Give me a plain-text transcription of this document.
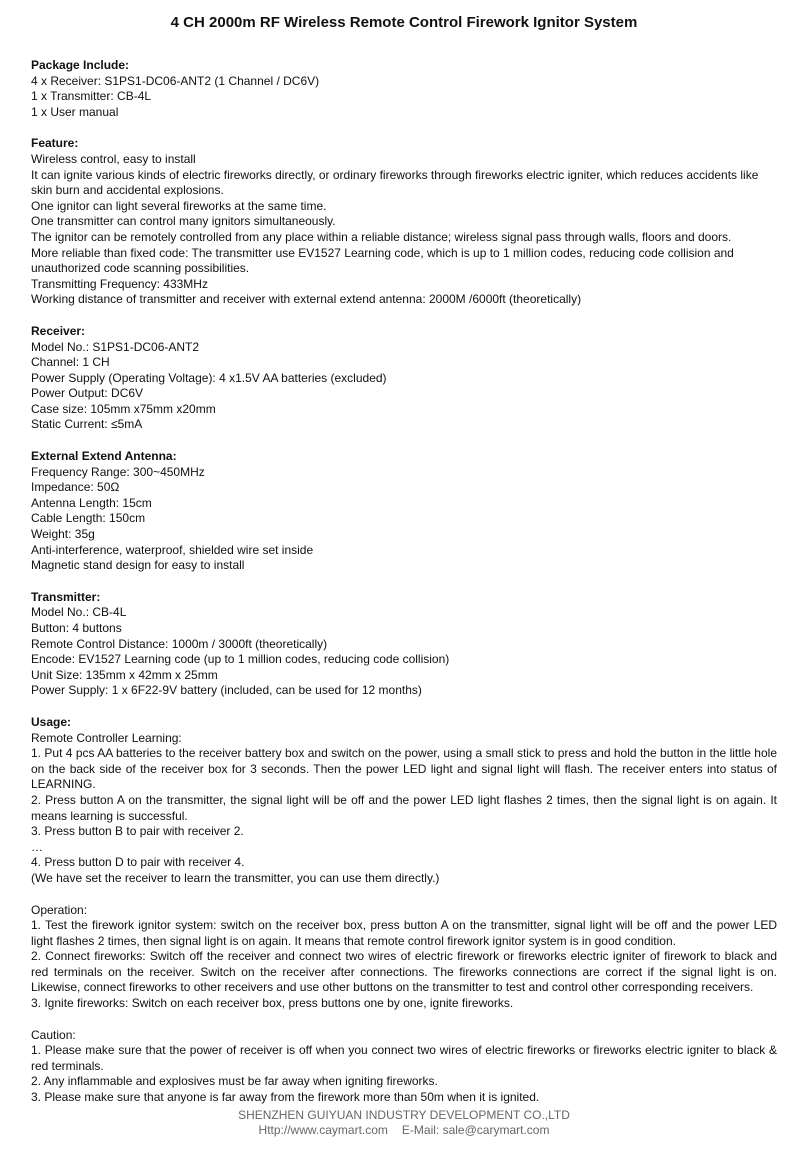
4 CH 2000m RF Wireless Remote Control Firework Ignitor System

Package Include:

4 x Receiver: S1PS1-DC06-ANT2 (1 Channel / DC6V)

1 x Transmitter: CB-4L

1 x User manual

Feature:

Wireless control, easy to install

It can ignite various kinds of electric fireworks directly, or ordinary fireworks through fireworks electric igniter, which reduces accidents like skin burn and accidental explosions.

One ignitor can light several fireworks at the same time.

One transmitter can control many ignitors simultaneously.

The ignitor can be remotely controlled from any place within a reliable distance; wireless signal pass through walls, floors and doors.

More reliable than fixed code: The transmitter use EV1527 Learning code, which is up to 1 million codes, reducing code collision and unauthorized code scanning possibilities.

Transmitting Frequency: 433MHz

Working distance of transmitter and receiver with external extend antenna: 2000M /6000ft (theoretically)

Receiver:

Model No.: S1PS1-DC06-ANT2

Channel: 1 CH

Power Supply (Operating Voltage): 4 x1.5V AA batteries (excluded)

Power Output: DC6V

Case size: 105mm x75mm x20mm

Static Current: ≤5mA

External Extend Antenna:

Frequency Range: 300~450MHz

Impedance: 50Ω

Antenna Length: 15cm

Cable Length: 150cm

Weight: 35g

Anti-interference, waterproof, shielded wire set inside

Magnetic stand design for easy to install

Transmitter:

Model No.: CB-4L

Button: 4 buttons

Remote Control Distance: 1000m / 3000ft (theoretically)

Encode: EV1527 Learning code (up to 1 million codes, reducing code collision)

Unit Size: 135mm x 42mm x 25mm

Power Supply: 1 x 6F22-9V battery (included, can be used for 12 months)

Usage:

Remote Controller Learning:

1. Put 4 pcs AA batteries to the receiver battery box and switch on the power, using a small stick to press and hold the button in the little hole on the back side of the receiver box for 3 seconds. Then the power LED light and signal light will flash. The receiver enters into status of LEARNING.

2. Press button A on the transmitter, the signal light will be off and the power LED light flashes 2 times, then the signal light is on again. It means learning is successful.

3. Press button B to pair with receiver 2.

…

4. Press button D to pair with receiver 4.

(We have set the receiver to learn the transmitter, you can use them directly.)

Operation:

1. Test the firework ignitor system: switch on the receiver box, press button A on the transmitter, signal light will be off and the power LED light flashes 2 times, then signal light is on again. It means that remote control firework ignitor system is in good condition.

2. Connect fireworks: Switch off the receiver and connect two wires of electric firework or fireworks electric igniter of firework to black and red terminals on the receiver. Switch on the receiver after connections. The fireworks connections are correct if the signal light is on. Likewise, connect fireworks to other receivers and use other buttons on the transmitter to test and control other corresponding receivers.

3. Ignite fireworks: Switch on each receiver box, press buttons one by one, ignite fireworks.

Caution:

1. Please make sure that the power of receiver is off when you connect two wires of electric fireworks or fireworks electric igniter to black & red terminals.

2. Any inflammable and explosives must be far away when igniting fireworks.

3. Please make sure that anyone is far away from the firework more than 50m when it is ignited.

SHENZHEN GUIYUAN INDUSTRY DEVELOPMENT CO.,LTD
Http://www.caymart.com E-Mail: sale@carymart.com
